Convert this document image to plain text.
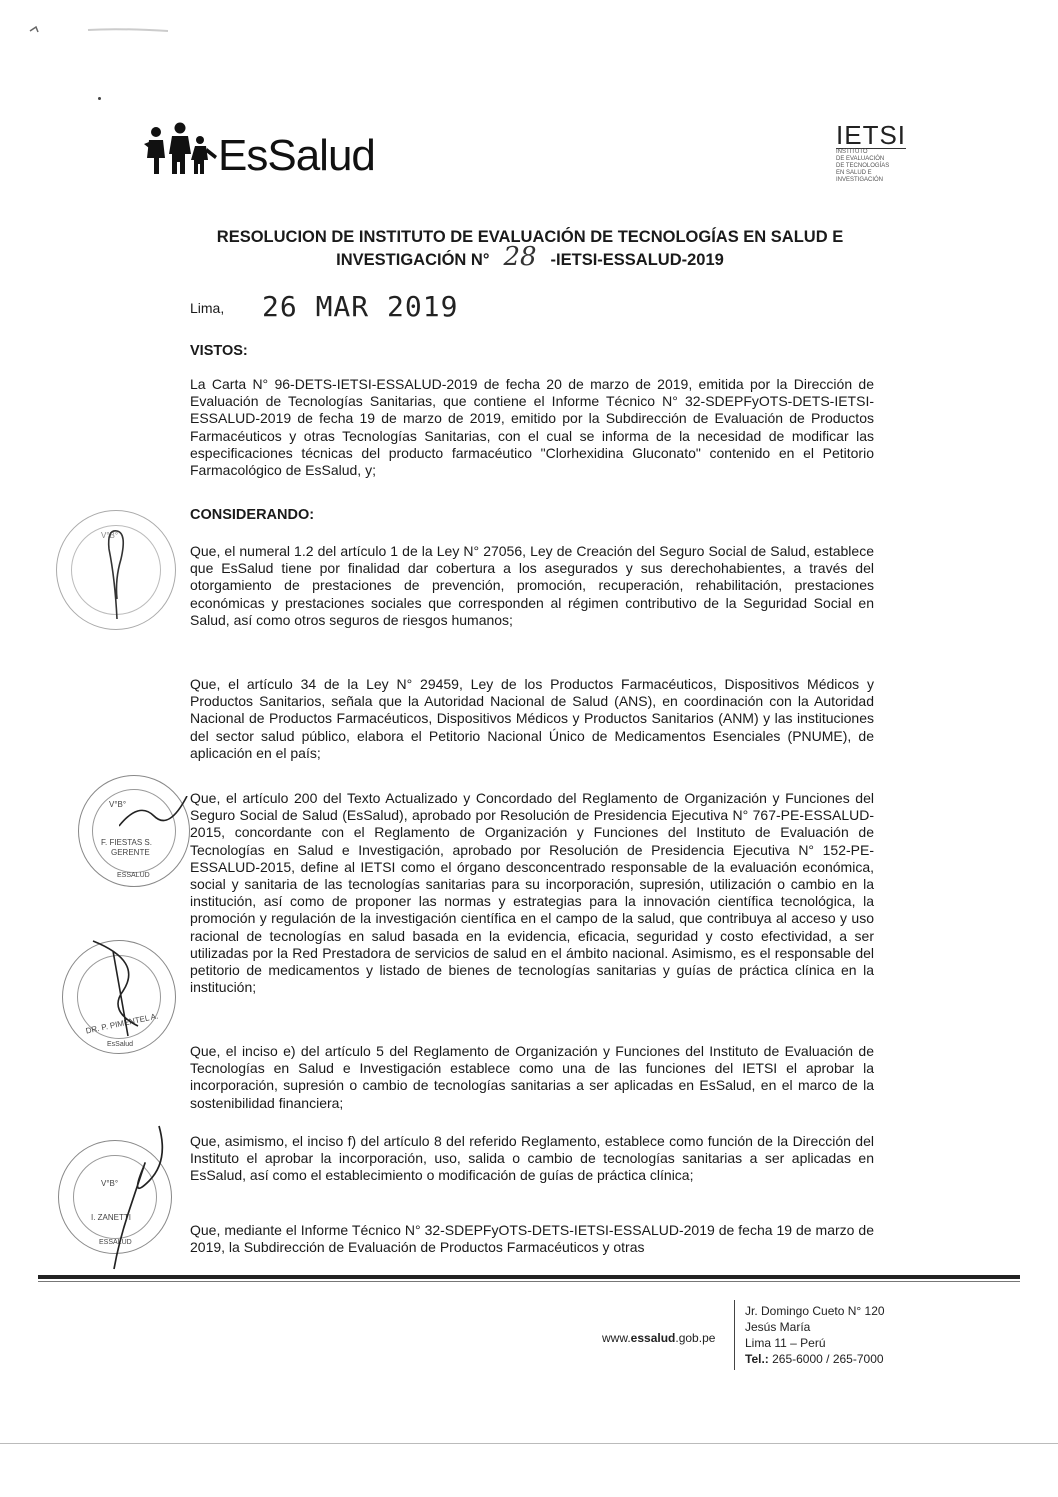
EsSalud	IETSI
INSTITUTO
DE EVALUACIÓN
DE TECNOLOGÍAS
EN SALUD E
INVESTIGACIÓN
RESOLUCION DE INSTITUTO DE EVALUACIÓN DE TECNOLOGÍAS EN SALUD E
INVESTIGACIÓN N° 28 -IETSI-ESSALUD-2019
Lima, 26 MAR 2019
VISTOS:
La Carta N° 96-DETS-IETSI-ESSALUD-2019 de fecha 20 de marzo de 2019, emitida por la Dirección de Evaluación de Tecnologías Sanitarias, que contiene el Informe Técnico N° 32-SDEPFyOTS-DETS-IETSI-ESSALUD-2019 de fecha 19 de marzo de 2019, emitido por la Subdirección de Evaluación de Productos Farmacéuticos y otras Tecnologías Sanitarias, con el cual se informa de la necesidad de modificar las especificaciones técnicas del producto farmacéutico "Clorhexidina Gluconato" contenido en el Petitorio Farmacológico de EsSalud, y;
CONSIDERANDO:
Que, el numeral 1.2 del artículo 1 de la Ley N° 27056, Ley de Creación del Seguro Social de Salud, establece que EsSalud tiene por finalidad dar cobertura a los asegurados y sus derechohabientes, a través del otorgamiento de prestaciones de prevención, promoción, recuperación, rehabilitación, prestaciones económicas y prestaciones sociales que corresponden al régimen contributivo de la Seguridad Social en Salud, así como otros seguros de riesgos humanos;
Que, el artículo 34 de la Ley N° 29459, Ley de los Productos Farmacéuticos, Dispositivos Médicos y Productos Sanitarios, señala que la Autoridad Nacional de Salud (ANS), en coordinación con la Autoridad Nacional de Productos Farmacéuticos, Dispositivos Médicos y Productos Sanitarios (ANM) y las instituciones del sector salud público, elabora el Petitorio Nacional Único de Medicamentos Esenciales (PNUME), de aplicación en el país;
Que, el artículo 200 del Texto Actualizado y Concordado del Reglamento de Organización y Funciones del Seguro Social de Salud (EsSalud), aprobado por Resolución de Presidencia Ejecutiva N° 767-PE-ESSALUD-2015, concordante con el Reglamento de Organización y Funciones del Instituto de Evaluación de Tecnologías en Salud e Investigación, aprobado por Resolución de Presidencia Ejecutiva N° 152-PE-ESSALUD-2015, define al IETSI como el órgano desconcentrado responsable de la evaluación económica, social y sanitaria de las tecnologías sanitarias para su incorporación, supresión, utilización o cambio en la institución, así como de proponer las normas y estrategias para la innovación científica tecnológica, la promoción y regulación de la investigación científica en el campo de la salud, que contribuya al acceso y uso racional de tecnologías en salud basada en la evidencia, eficacia, seguridad y costo efectividad, a ser utilizadas por la Red Prestadora de servicios de salud en el ámbito nacional. Asimismo, es el responsable del petitorio de medicamentos y listado de bienes de tecnologías sanitarias y guías de práctica clínica en la institución;
Que, el inciso e) del artículo 5 del Reglamento de Organización y Funciones del Instituto de Evaluación de Tecnologías en Salud e Investigación establece como una de las funciones del IETSI el aprobar la incorporación, supresión o cambio de tecnologías sanitarias a ser aplicadas en EsSalud, en el marco de la sostenibilidad financiera;
Que, asimismo, el inciso f) del artículo 8 del referido Reglamento, establece como función de la Dirección del Instituto el aprobar la incorporación, uso, salida o cambio de tecnologías sanitarias a ser aplicadas en EsSalud, así como el establecimiento o modificación de guías de práctica clínica;
Que, mediante el Informe Técnico N° 32-SDEPFyOTS-DETS-IETSI-ESSALUD-2019 de fecha 19 de marzo de 2019, la Subdirección de Evaluación de Productos Farmacéuticos y otras
V°B°
V°B°
F. FIESTAS S.
GERENTE
ESSALUD
DR. P. PIMENTEL A.
EsSalud
V°B°
I. ZANETTI
ESSALUD
www.essalud.gob.pe
Jr. Domingo Cueto N° 120
Jesús María
Lima 11 – Perú
Tel.: 265-6000 / 265-7000
